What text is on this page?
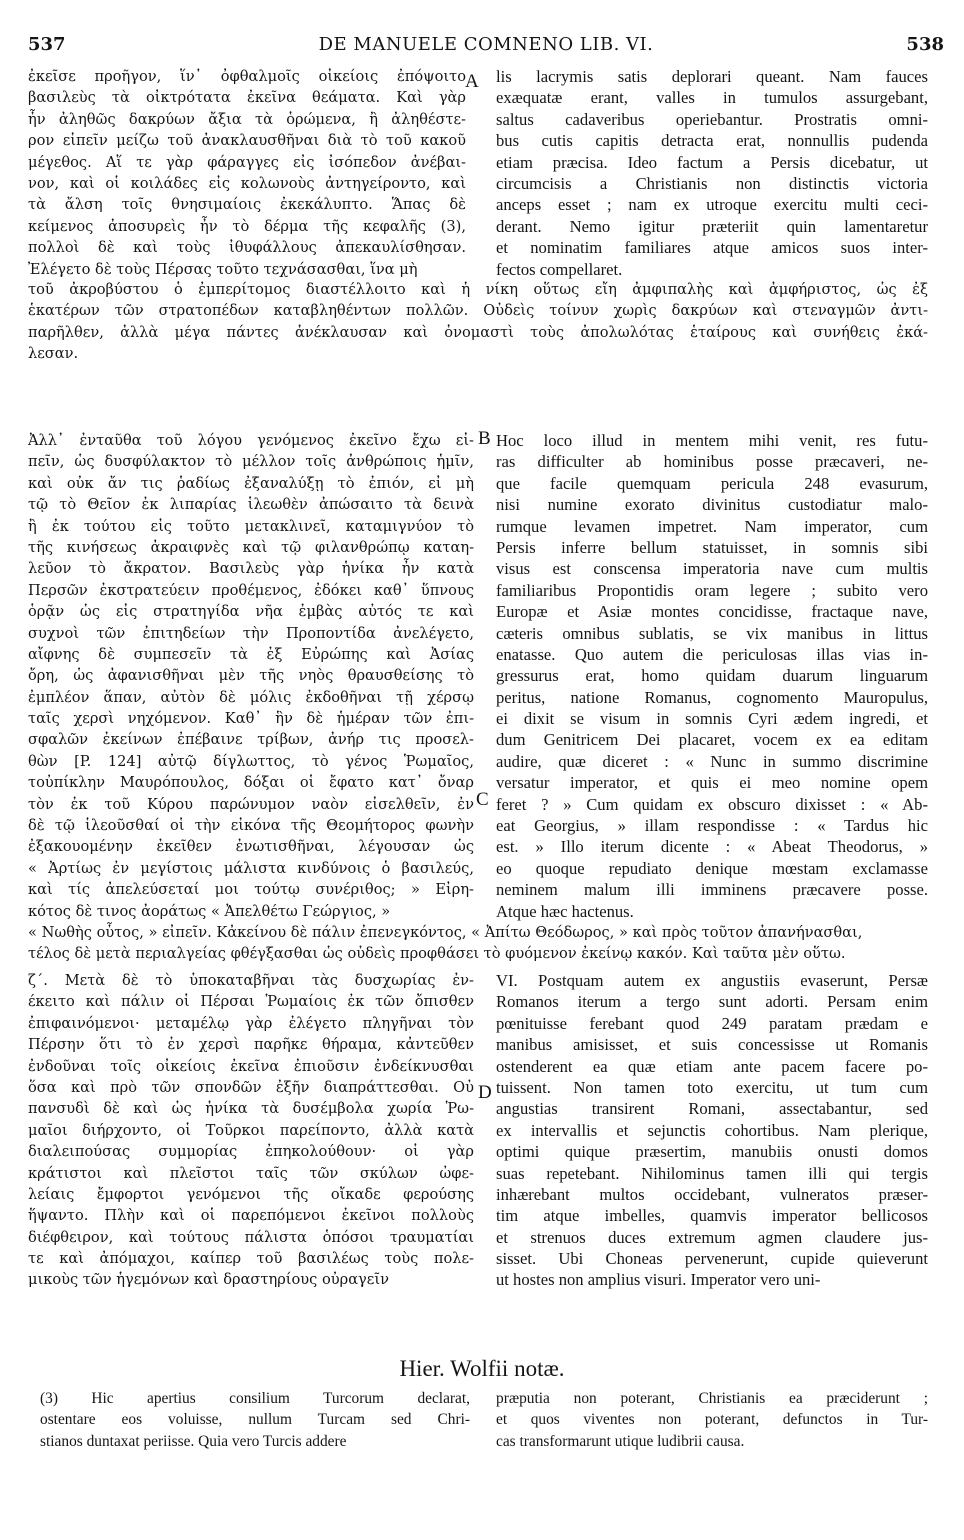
537	DE MANUELE COMNENO LIB. VI.	538
A
B
C
D
ἐκεῖσε προῆγον, ἵν᾽ ὀφθαλμοῖς οἰκείοις ἐπόψοιτο
βασιλεὺς τὰ οἰκτρότατα ἐκεῖνα θεάματα. Καὶ γὰρ
ἦν ἀληθῶς δακρύων ἄξια τὰ ὁρώμενα, ἢ ἀληθέστε-
ρον εἰπεῖν μείζω τοῦ ἀνακλαυσθῆναι διὰ τὸ τοῦ κακοῦ
μέγεθος. Αἵ τε γὰρ φάραγγες εἰς ἰσόπεδον ἀνέβαι-
νον, καὶ οἱ κοιλάδες εἰς κολωνοὺς ἀντηγείροντο, καὶ
τὰ ἄλση τοῖς θνησιμαίοις ἐκεκάλυπτο. Ἅπας δὲ
κείμενος ἀποσυρεὶς ἦν τὸ δέρμα τῆς κεφαλῆς (3),
πολλοὶ δὲ καὶ τοὺς ἰθυφάλλους ἀπεκαυλίσθησαν.
Ἐλέγετο δὲ τοὺς Πέρσας τοῦτο τεχνάσασθαι, ἵνα μὴ
lis lacrymis satis deplorari queant. Nam fauces
exæquatæ erant, valles in tumulos assurgebant,
saltus cadaveribus operiebantur. Prostratis omni-
bus cutis capitis detracta erat, nonnullis pudenda
etiam præcisa. Ideo factum a Persis dicebatur, ut
circumcisis a Christianis non distinctis victoria
anceps esset ; nam ex utroque exercitu multi ceci-
derant. Nemo igitur præteriit quin lamentaretur
et nominatim familiares atque amicos suos inter-
fectos compellaret.
τοῦ ἀκροβύστου ὁ ἐμπερίτομος διαστέλλοιτο καὶ ἡ νίκη οὕτως εἴη ἀμφιπαλὴς καὶ ἀμφήριστος, ὡς ἐξ
ἑκατέρων τῶν στρατοπέδων καταβληθέντων πολλῶν. Οὐδεὶς τοίνυν χωρὶς δακρύων καὶ στεναγμῶν ἀντι-
παρῆλθεν, ἀλλὰ μέγα πάντες ἀνέκλαυσαν καὶ ὀνομαστὶ τοὺς ἀπολωλότας ἑταίρους καὶ συνήθεις ἐκά-
λεσαν.
Ἀλλ᾽ ἐνταῦθα τοῦ λόγου γενόμενος ἐκεῖνο ἔχω εἰ-
πεῖν, ὡς δυσφύλακτον τὸ μέλλον τοῖς ἀνθρώποις ἡμῖν,
καὶ οὐκ ἄν τις ῥαδίως ἐξαναλύξῃ τὸ ἐπιόν, εἰ μὴ
τῷ τὸ Θεῖον ἐκ λιπαρίας ἱλεωθὲν ἀπώσαιτο τὰ δεινὰ
ἢ ἐκ τούτου εἰς τοῦτο μετακλινεῖ, καταμιγνύον τὸ
τῆς κινήσεως ἀκραιφνὲς καὶ τῷ φιλανθρώπῳ καταη-
λεῦον τὸ ἄκρατον. Βασιλεὺς γὰρ ἡνίκα ἦν κατὰ
Περσῶν ἐκστρατεύειν προθέμενος, ἐδόκει καθ᾽ ὕπνους
ὁρᾷν ὡς εἰς στρατηγίδα νῆα ἐμβὰς αὐτός τε καὶ
συχνοὶ τῶν ἐπιτηδείων τὴν Προποντίδα ἀνελέγετο,
αἴφνης δὲ συμπεσεῖν τὰ ἐξ Εὐρώπης καὶ Ἀσίας
ὄρη, ὡς ἀφανισθῆναι μὲν τῆς νηὸς θραυσθείσης τὸ
ἐμπλέον ἅπαν, αὐτὸν δὲ μόλις ἐκδοθῆναι τῇ χέρσῳ
ταῖς χερσὶ νηχόμενον. Καθ᾽ ἣν δὲ ἡμέραν τῶν ἐπι-
σφαλῶν ἐκείνων ἐπέβαινε τρίβων, ἀνήρ τις προσελ-
θὼν [P. 124] αὐτῷ δίγλωττος, τὸ γένος Ῥωμαῖος,
τοὐπίκλην Μαυρόπουλος, δόξαι οἱ ἔφατο κατ᾽ ὄναρ
τὸν ἐκ τοῦ Κύρου παρώνυμον ναὸν εἰσελθεῖν, ἐν
δὲ τῷ ἱλεοῦσθαί οἱ τὴν εἰκόνα τῆς Θεομήτορος φωνὴν
ἐξακουομένην ἐκεῖθεν ἐνωτισθῆναι, λέγουσαν ὡς
« Ἀρτίως ἐν μεγίστοις μάλιστα κινδύνοις ὁ βασιλεύς,
καὶ τίς ἀπελεύσεταί μοι τούτῳ συνέριθος; » Εἰρη-
κότος δὲ τινος ἀοράτως « Ἀπελθέτω Γεώργιος, »
Hoc loco illud in mentem mihi venit, res futu-
ras difficulter ab hominibus posse præcaveri, ne-
que facile quemquam pericula 248 evasurum,
nisi numine exorato divinitus custodiatur malo-
rumque levamen impetret. Nam imperator, cum
Persis inferre bellum statuisset, in somnis sibi
visus est conscensa imperatoria nave cum multis
familiaribus Propontidis oram legere ; subito vero
Europæ et Asiæ montes concidisse, fractaque nave,
cæteris omnibus sublatis, se vix manibus in littus
enatasse. Quo autem die periculosas illas vias in-
gressurus erat, homo quidam duarum linguarum
peritus, natione Romanus, cognomento Mauropulus,
ei dixit se visum in somnis Cyri ædem ingredi, et
dum Genitricem Dei placaret, vocem ex ea editam
audire, quæ diceret : « Nunc in summo discrimine
versatur imperator, et quis ei meo nomine opem
feret ? » Cum quidam ex obscuro dixisset : « Ab-
eat Georgius, » illam respondisse : « Tardus hic
est. » Illo iterum dicente : « Abeat Theodorus, »
eo quoque repudiato denique mœstam exclamasse
neminem malum illi imminens præcavere posse.
Atque hæc hactenus.
« Νωθὴς οὗτος, » εἰπεῖν. Κἀκείνου δὲ πάλιν ἐπενεγκόντος, « Ἀπίτω Θεόδωρος, » καὶ πρὸς τοῦτον ἀπανήνασθαι,
τέλος δὲ μετὰ περιαλγείας φθέγξασθαι ὡς οὐδεὶς προφθάσει τὸ φυόμενον ἐκείνῳ κακόν. Καὶ ταῦτα μὲν οὕτω.
ζ΄. Μετὰ δὲ τὸ ὑποκαταβῆναι τὰς δυσχωρίας ἐν-
έκειτο καὶ πάλιν οἱ Πέρσαι Ῥωμαίοις ἐκ τῶν ὄπισθεν
ἐπιφαινόμενοι· μεταμέλῳ γὰρ ἐλέγετο πληγῆναι τὸν
Πέρσην ὅτι τὸ ἐν χερσὶ παρῆκε θήραμα, κἀντεῦθεν
ἐνδοῦναι τοῖς οἰκείοις ἐκεῖνα ἐπιοῦσιν ἐνδείκνυσθαι
ὅσα καὶ πρὸ τῶν σπονδῶν ἐξῆν διαπράττεσθαι. Οὐ
πανσυδὶ δὲ καὶ ὡς ἡνίκα τὰ δυσέμβολα χωρία Ῥω-
μαῖοι διήρχοντο, οἱ Τοῦρκοι παρείποντο, ἀλλὰ κατὰ
διαλειπούσας συμμορίας ἐπηκολούθουν· οἱ γὰρ
κράτιστοι καὶ πλεῖστοι ταῖς τῶν σκύλων ὠφε-
λείαις ἔμφορτοι γενόμενοι τῆς οἴκαδε φερούσης
ἥψαντο. Πλὴν καὶ οἱ παρεπόμενοι ἐκεῖνοι πολλοὺς
διέφθειρον, καὶ τούτους πάλιστα ὁπόσοι τραυματίαι
τε καὶ ἀπόμαχοι, καίπερ τοῦ βασιλέως τοὺς πολε-
μικοὺς τῶν ἡγεμόνων καὶ δραστηρίους οὐραγεῖν
VI. Postquam autem ex angustiis evaserunt, Persæ
Romanos iterum a tergo sunt adorti. Persam enim
pœnituisse ferebant quod 249 paratam prædam e
manibus amisisset, et suis concessisse ut Romanis
ostenderent ea quæ etiam ante pacem facere po-
tuissent. Non tamen toto exercitu, ut tum cum
angustias transirent Romani, assectabantur, sed
ex intervallis et sejunctis cohortibus. Nam plerique,
optimi quique præsertim, manubiis onusti domos
suas repetebant. Nihilominus tamen illi qui tergis
inhærebant multos occidebant, vulneratos præser-
tim atque imbelles, quamvis imperator bellicosos
et strenuos duces extremum agmen claudere jus-
sisset. Ubi Choneas pervenerunt, cupide quieverunt
ut hostes non amplius visuri. Imperator vero uni-
Hier. Wolfii notæ.
(3) Hic apertius consilium Turcorum declarat,
ostentare eos voluisse, nullum Turcam sed Chri-
stianos duntaxat periisse. Quia vero Turcis addere
præputia non poterant, Christianis ea præciderunt ;
et quos viventes non poterant, defunctos in Tur-
cas transformarunt utique ludibrii causa.
